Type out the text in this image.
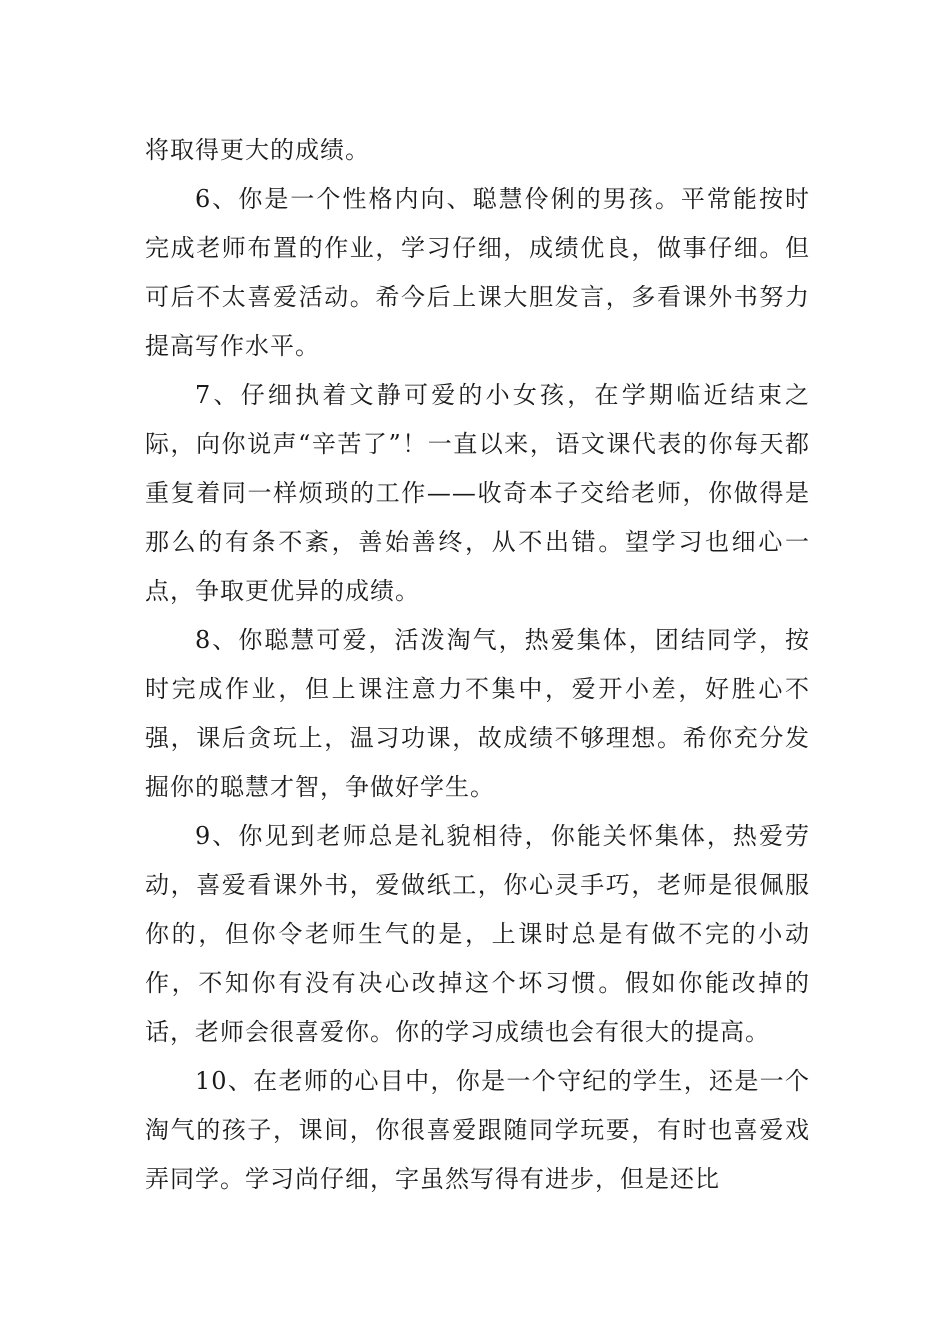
将取得更大的成绩。

6、你是一个性格内向、聪慧伶俐的男孩。平常能按时完成老师布置的作业，学习仔细，成绩优良，做事仔细。但可后不太喜爱活动。希今后上课大胆发言，多看课外书努力提高写作水平。

7、仔细执着文静可爱的小女孩，在学期临近结束之际，向你说声“辛苦了”！一直以来，语文课代表的你每天都重复着同一样烦琐的工作——收奇本子交给老师，你做得是那么的有条不紊，善始善终，从不出错。望学习也细心一点，争取更优异的成绩。

8、你聪慧可爱，活泼淘气，热爱集体，团结同学，按时完成作业，但上课注意力不集中，爱开小差，好胜心不强，课后贪玩上，温习功课，故成绩不够理想。希你充分发掘你的聪慧才智，争做好学生。

9、你见到老师总是礼貌相待，你能关怀集体，热爱劳动，喜爱看课外书，爱做纸工，你心灵手巧，老师是很佩服你的，但你令老师生气的是，上课时总是有做不完的小动作，不知你有没有决心改掉这个坏习惯。假如你能改掉的话，老师会很喜爱你。你的学习成绩也会有很大的提高。

10、在老师的心目中，你是一个守纪的学生，还是一个淘气的孩子，课间，你很喜爱跟随同学玩要，有时也喜爱戏弄同学。学习尚仔细，字虽然写得有进步，但是还比
